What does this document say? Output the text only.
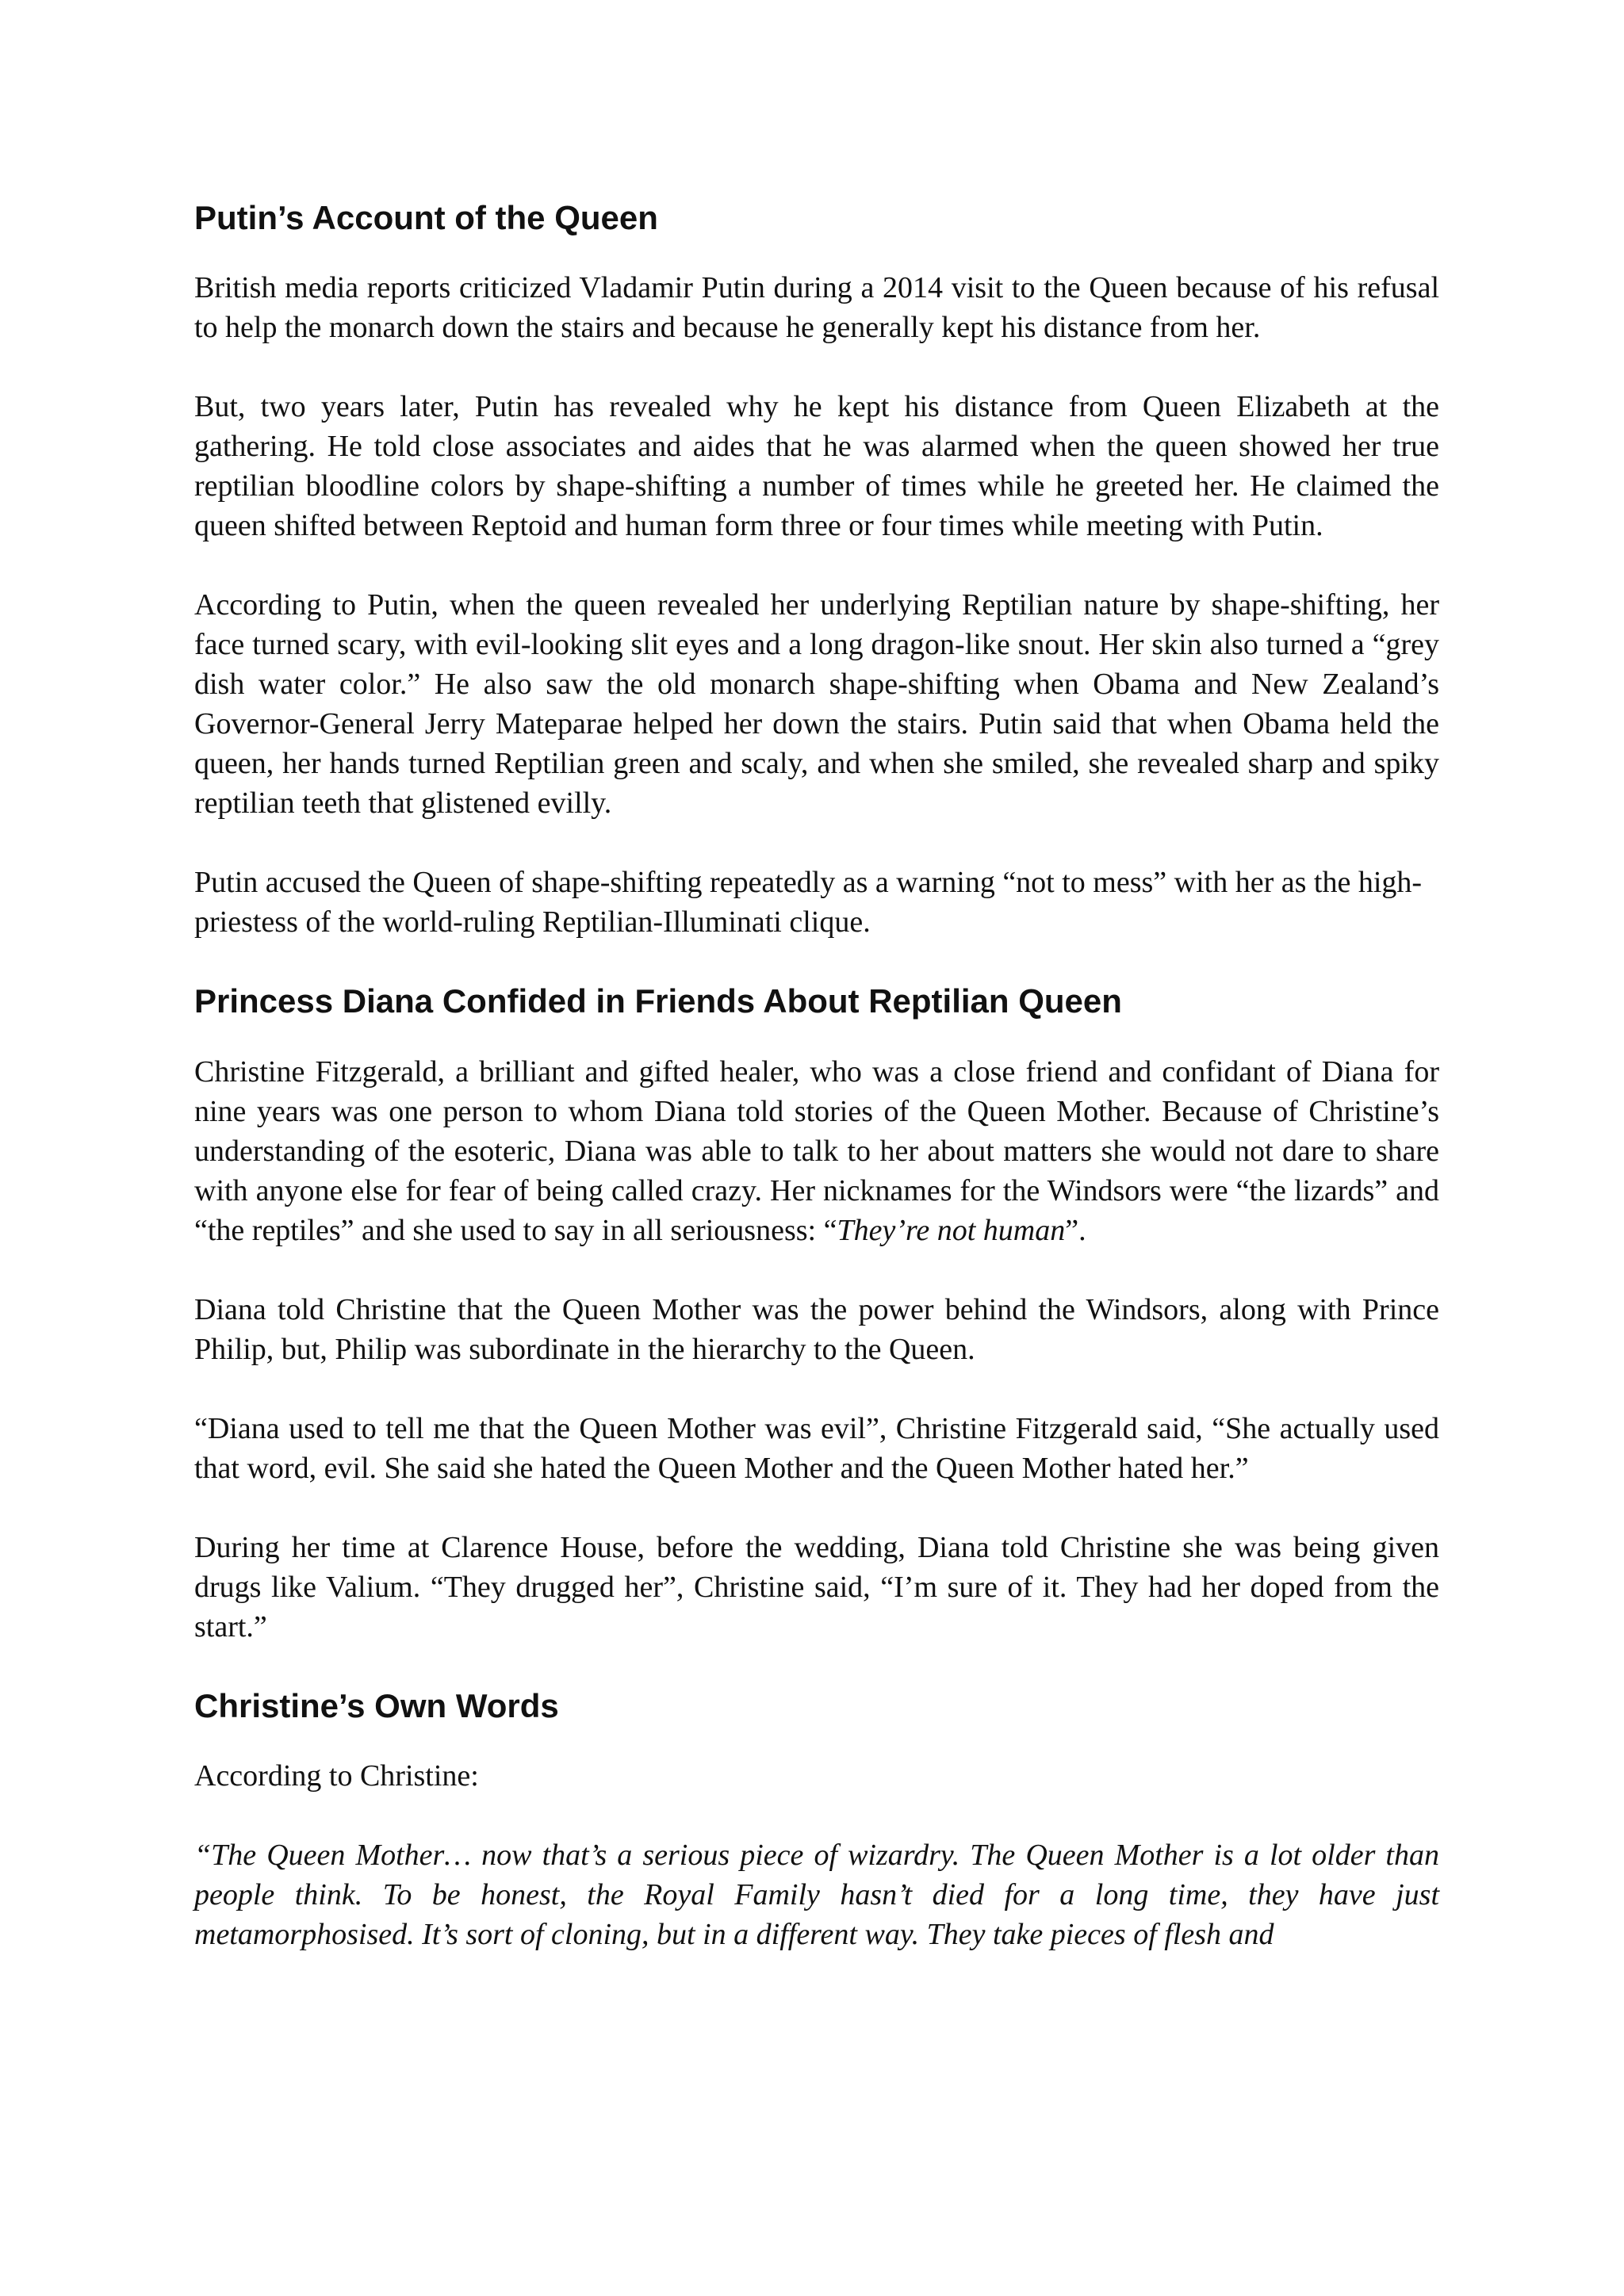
Putin’s Account of the Queen

British media reports criticized Vladamir Putin during a 2014 visit to the Queen because of his refusal to help the monarch down the stairs and because he generally kept his distance from her.

But, two years later, Putin has revealed why he kept his distance from Queen Elizabeth at the gathering. He told close associates and aides that he was alarmed when the queen showed her true reptilian bloodline colors by shape-shifting a number of times while he greeted her. He claimed the queen shifted between Reptoid and human form three or four times while meeting with Putin.

According to Putin, when the queen revealed her underlying Reptilian nature by shape-shifting, her face turned scary, with evil-looking slit eyes and a long dragon-like snout. Her skin also turned a “grey dish water color.” He also saw the old monarch shape-shifting when Obama and New Zealand’s Governor-General Jerry Mateparae helped her down the stairs. Putin said that when Obama held the queen, her hands turned Reptilian green and scaly, and when she smiled, she revealed sharp and spiky reptilian teeth that glistened evilly.

Putin accused the Queen of shape-shifting repeatedly as a warning “not to mess” with her as the high-priestess of the world-ruling Reptilian-Illuminati clique.

Princess Diana Confided in Friends About Reptilian Queen

Christine Fitzgerald, a brilliant and gifted healer, who was a close friend and confidant of Diana for nine years was one person to whom Diana told stories of the Queen Mother. Because of Christine’s understanding of the esoteric, Diana was able to talk to her about matters she would not dare to share with anyone else for fear of being called crazy. Her nicknames for the Windsors were “the lizards” and “the reptiles” and she used to say in all seriousness: “They’re not human”.

Diana told Christine that the Queen Mother was the power behind the Windsors, along with Prince Philip, but, Philip was subordinate in the hierarchy to the Queen.

“Diana used to tell me that the Queen Mother was evil”, Christine Fitzgerald said, “She actually used that word, evil. She said she hated the Queen Mother and the Queen Mother hated her.”

During her time at Clarence House, before the wedding, Diana told Christine she was being given drugs like Valium. “They drugged her”, Christine said, “I’m sure of it. They had her doped from the start.”

Christine’s Own Words

According to Christine:

“The Queen Mother… now that’s a serious piece of wizardry. The Queen Mother is a lot older than people think. To be honest, the Royal Family hasn’t died for a long time, they have just metamorphosised. It’s sort of cloning, but in a different way. They take pieces of flesh and
